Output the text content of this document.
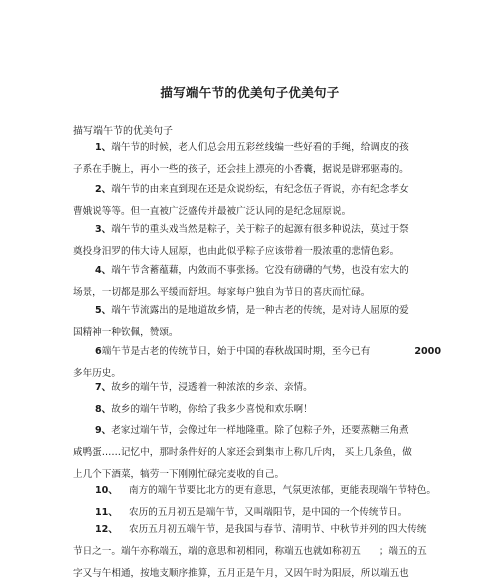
描写端午节的优美句子优美句子
描写端午节的优美句子
1、端午节的时候，老人们总会用五彩丝线编一些好看的手绳，给调皮的孩
子系在手腕上，再小一些的孩子，还会挂上漂亮的小香囊，据说是辟邪驱毒的。
2、端午节的由来直到现在还是众说纷纭，有纪念伍子胥说，亦有纪念孝女
曹娥说等等。但一直被广泛盛传并最被广泛认同的是纪念屈原说。
3、端午节的重头戏当然是粽子，关于粽子的起源有很多种说法，莫过于祭
奠投身汨罗的伟大诗人屈原，也由此似乎粽子应该带着一股浓重的悲情色彩。
4、端午节含蓄蕴藉，内敛而不事张扬。它没有磅礴的气势，也没有宏大的
场景，一切都是那么平缓而舒坦。每家每户独自为节日的喜庆而忙碌。
5、端午节流露出的是地道故乡情，是一种古老的传统，是对诗人屈原的爱
国精神一种钦佩，赞颂。
6端午节是古老的传统节日，始于中国的春秋战国时期，至今已有	2000
多年历史。
7、故乡的端午节，浸透着一种浓浓的乡亲、亲情。
8、故乡的端午节哟，你给了我多少喜悦和欢乐啊！
9、老家过端午节，会像过年一样地隆重。除了包粽子外，还要蒸糖三角煮
咸鸭蛋……记忆中，那时条件好的人家还会到集市上称几斤肉， 买上几条鱼，做
上几个下酒菜，犒劳一下刚刚忙碌完麦收的自己。
10、 南方的端午节要比北方的更有意思，气氛更浓郁，更能表现端午节特色。
11、 农历的五月初五是端午节，又叫端阳节，是中国的一个传统节日。
12、 农历五月初五端午节，是我国与春节、清明节、中秋节并列的四大传统
节日之一。端午亦称端五，端的意思和初相同，称端五也就如称初五 ；端五的五
字又与午相通，按地支顺序推算，五月正是午月，又因午时为阳辰，所以端五也
